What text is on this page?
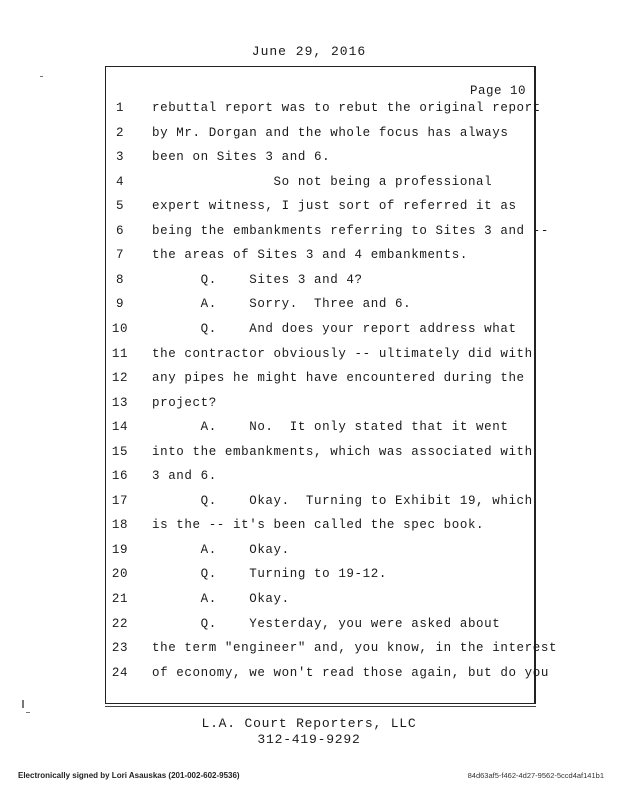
June 29, 2016
Page 10
1	rebuttal report was to rebut the original report
2	by Mr. Dorgan and the whole focus has always
3	been on Sites 3 and 6.
4	So not being a professional
5	expert witness, I just sort of referred it as
6	being the embankments referring to Sites 3 and --
7	the areas of Sites 3 and 4 embankments.
8	Q.    Sites 3 and 4?
9	A.    Sorry.  Three and 6.
10	Q.    And does your report address what
11	the contractor obviously -- ultimately did with
12	any pipes he might have encountered during the
13	project?
14	A.    No.  It only stated that it went
15	into the embankments, which was associated with
16	3 and 6.
17	Q.    Okay.  Turning to Exhibit 19, which
18	is the -- it's been called the spec book.
19	A.    Okay.
20	Q.    Turning to 19-12.
21	A.    Okay.
22	Q.    Yesterday, you were asked about
23	the term "engineer" and, you know, in the interest
24	of economy, we won't read those again, but do you
L.A. Court Reporters, LLC
312-419-9292
Electronically signed by Lori Asauskas (201-002-602-9536)	84d63af5-f462-4d27-9562-5ccd4af141b1
